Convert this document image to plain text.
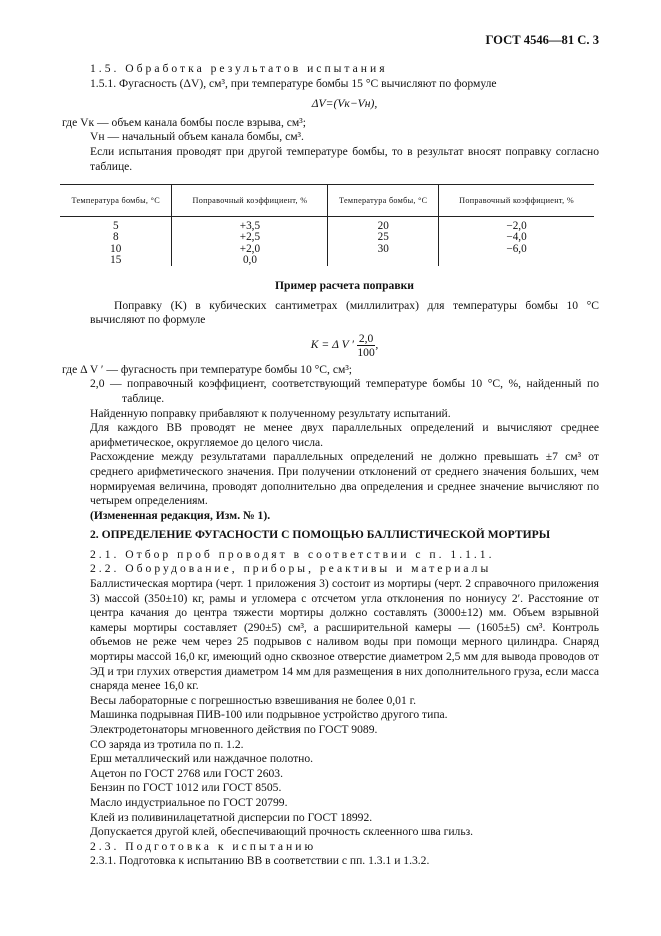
ГОСТ 4546—81 С. 3

1.5. Обработка результатов испытания

1.5.1. Фугасность (ΔV), см³, при температуре бомбы 15 °С вычисляют по формуле

ΔV=(Vк−Vн),

где Vк — объем канала бомбы после взрыва, см³;

Vн — начальный объем канала бомбы, см³.

Если испытания проводят при другой температуре бомбы, то в результат вносят поправку согласно таблице.

Температура бомбы, °С	Поправочный коэффициент, %	Температура бомбы, °С	Поправочный коэффициент, %
5	+3,5	20	−2,0
8	+2,5	25	−4,0
10	+2,0	30	−6,0
15	0,0		

Пример расчета поправки

Поправку (K) в кубических сантиметрах (миллилитрах) для температуры бомбы 10 °С вычисляют по формуле

K = Δ V ′ $\frac{2,0}{100}$ ,

где Δ V ′ — фугасность при температуре бомбы 10 °С, см³;

2,0 — поправочный коэффициент, соответствующий температуре бомбы 10 °С, %, найденный по таблице.

Найденную поправку прибавляют к полученному результату испытаний.

Для каждого ВВ проводят не менее двух параллельных определений и вычисляют среднее арифметическое, округляемое до целого числа.

Расхождение между результатами параллельных определений не должно превышать ±7 см³ от среднего арифметического значения. При получении отклонений от среднего значения больших, чем нормируемая величина, проводят дополнительно два определения и среднее значение вычисляют по четырем определениям.

(Измененная редакция, Изм. № 1).

2. ОПРЕДЕЛЕНИЕ ФУГАСНОСТИ С ПОМОЩЬЮ БАЛЛИСТИЧЕСКОЙ МОРТИРЫ

2.1. Отбор проб проводят в соответствии с п. 1.1.1.

2.2. Оборудование, приборы, реактивы и материалы

Баллистическая мортира (черт. 1 приложения 3) состоит из мортиры (черт. 2 справочного приложения 3) массой (350±10) кг, рамы и угломера с отсчетом угла отклонения по нониусу 2′. Расстояние от центра качания до центра тяжести мортиры должно составлять (3000±12) мм. Объем взрывной камеры мортиры составляет (290±5) см³, а расширительной камеры — (1605±5) см³. Контроль объемов не реже чем через 25 подрывов с наливом воды при помощи мерного цилиндра. Снаряд мортиры массой 16,0 кг, имеющий одно сквозное отверстие диаметром 2,5 мм для вывода проводов от ЭД и три глухих отверстия диаметром 14 мм для размещения в них дополнительного груза, если масса снаряда менее 16,0 кг.

Весы лабораторные с погрешностью взвешивания не более 0,01 г.

Машинка подрывная ПИВ-100 или подрывное устройство другого типа.

Электродетонаторы мгновенного действия по ГОСТ 9089.

СО заряда из тротила по п. 1.2.

Ерш металлический или наждачное полотно.

Ацетон по ГОСТ 2768 или ГОСТ 2603.

Бензин по ГОСТ 1012 или ГОСТ 8505.

Масло индустриальное по ГОСТ 20799.

Клей из поливинилацетатной дисперсии по ГОСТ 18992.

Допускается другой клей, обеспечивающий прочность склеенного шва гильз.

2.3. Подготовка к испытанию

2.3.1. Подготовка к испытанию ВВ в соответствии с пп. 1.3.1 и 1.3.2.
